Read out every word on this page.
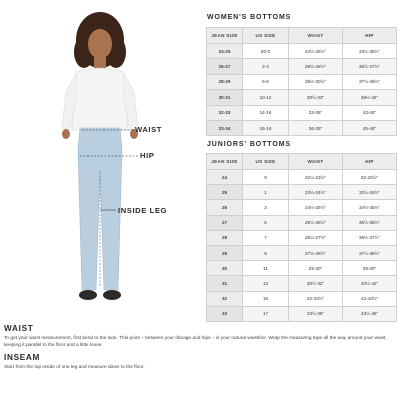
WAIST
HIP
INSIDE LEG
WOMEN'S BOTTOMS
JEAN SIZE	US SIZE	WAIST	HIP
24-25	00-0	24½-26½"	33½-35½"
26-27	2-4	26½-28½"	35½-37½"
28-29	6-8	28½-30½"	37½-39½"
30-31	10-12	30½-33"	39½-42"
32-33	14-16	33-36"	42-45"
33-34	16-18	36-39"	45-48"
JUNIORS' BOTTOMS
JEAN SIZE	US SIZE	WAIST	HIP
24	0	22½-23½"	32-33½"
25	1	23½-24½"	33½-34½"
26	3	24½-25½"	34½-35½"
27	5	25½-26½"	35½-36½"
28	7	26½-27½"	36½-37½"
29	9	27½-28½"	37½-38½"
30	11	29-30"	39-40"
31	13	30½-32"	40½-42"
32	15	32-33½"	42-43½"
33	17	33½-35"	43½-45"
WAIST

To get your waist measurement, first bend to the side. This point – between your ribcage and hips – is your natural waistline. Wrap the measuring tape all the way around your waist, keeping it parallel to the floor and a little loose.

INSEAM

Start from the top inside of one leg and measure down to the floor.
